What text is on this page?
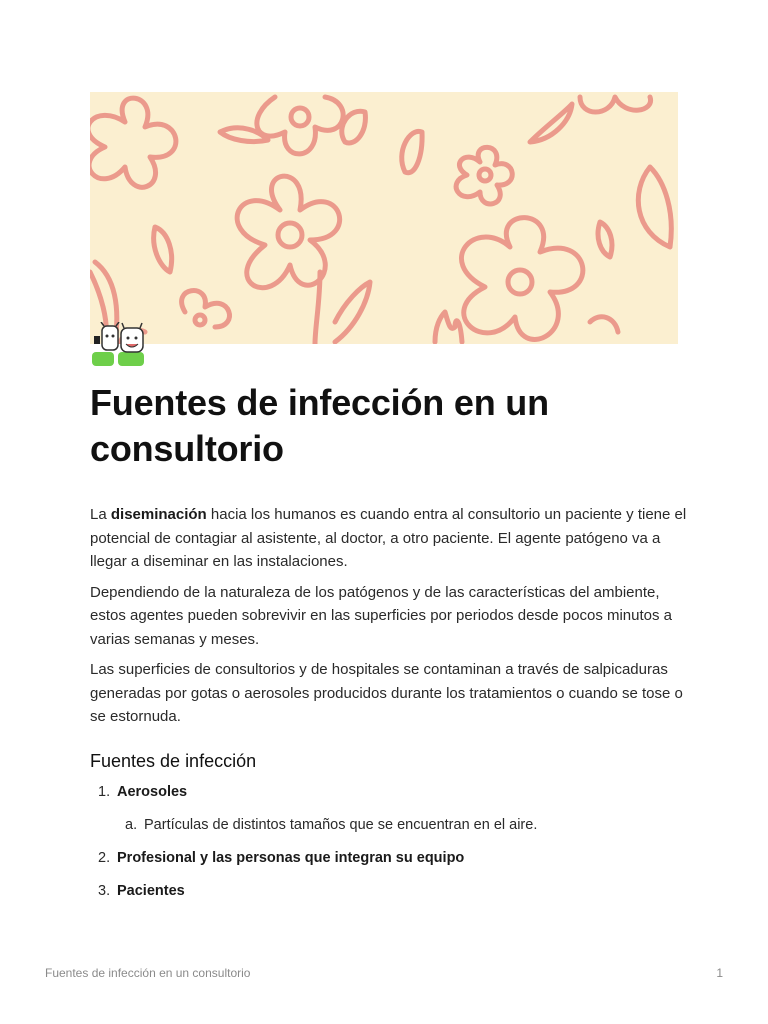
Fuentes de infección en un consultorio

La diseminación hacia los humanos es cuando entra al consultorio un paciente y tiene el potencial de contagiar al asistente, al doctor, a otro paciente. El agente patógeno va a llegar a diseminar en las instalaciones.

Dependiendo de la naturaleza de los patógenos y de las características del ambiente, estos agentes pueden sobrevivir en las superficies por periodos desde pocos minutos a varias semanas y meses.

Las superficies de consultorios y de hospitales se contaminan a través de salpicaduras generadas por gotas o aerosoles producidos durante los tratamientos o cuando se tose o se estornuda.

Fuentes de infección
1. Aerosoles
a. Partículas de distintos tamaños que se encuentran en el aire.
2. Profesional y las personas que integran su equipo
3. Pacientes
Fuentes de infección en un consultorio	1
